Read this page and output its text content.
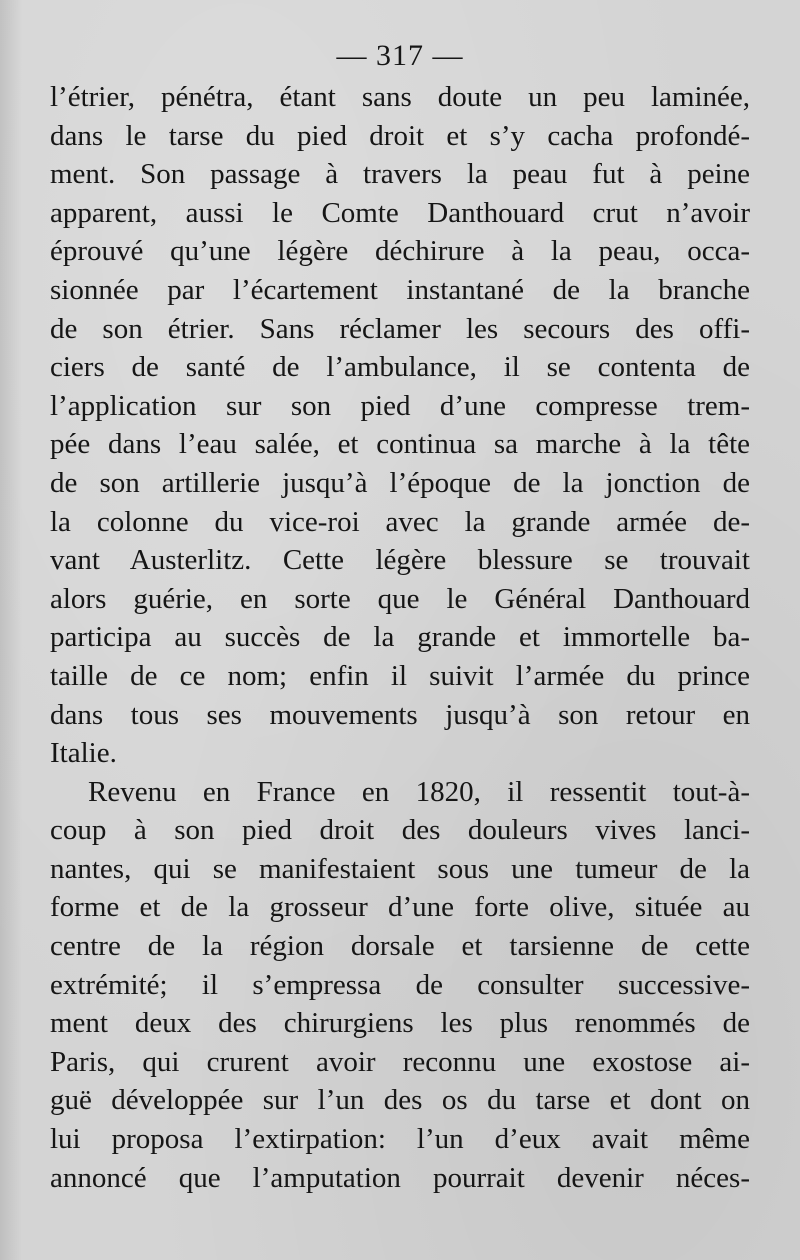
— 317 —

l’étrier, pénétra, étant sans doute un peu laminée,
dans le tarse du pied droit et s’y cacha profondé-
ment. Son passage à travers la peau fut à peine
apparent, aussi le Comte Danthouard crut n’avoir
éprouvé qu’une légère déchirure à la peau, occa-
sionnée par l’écartement instantané de la branche
de son étrier. Sans réclamer les secours des offi-
ciers de santé de l’ambulance, il se contenta de
l’application sur son pied d’une compresse trem-
pée dans l’eau salée, et continua sa marche à la tête
de son artillerie jusqu’à l’époque de la jonction de
la colonne du vice-roi avec la grande armée de-
vant Austerlitz. Cette légère blessure se trouvait
alors guérie, en sorte que le Général Danthouard
participa au succès de la grande et immortelle ba-
taille de ce nom; enfin il suivit l’armée du prince
dans tous ses mouvements jusqu’à son retour en
Italie.

Revenu en France en 1820, il ressentit tout-à-
coup à son pied droit des douleurs vives lanci-
nantes, qui se manifestaient sous une tumeur de la
forme et de la grosseur d’une forte olive, située au
centre de la région dorsale et tarsienne de cette
extrémité; il s’empressa de consulter successive-
ment deux des chirurgiens les plus renommés de
Paris, qui crurent avoir reconnu une exostose ai-
guë développée sur l’un des os du tarse et dont on
lui proposa l’extirpation: l’un d’eux avait même
annoncé que l’amputation pourrait devenir néces-
